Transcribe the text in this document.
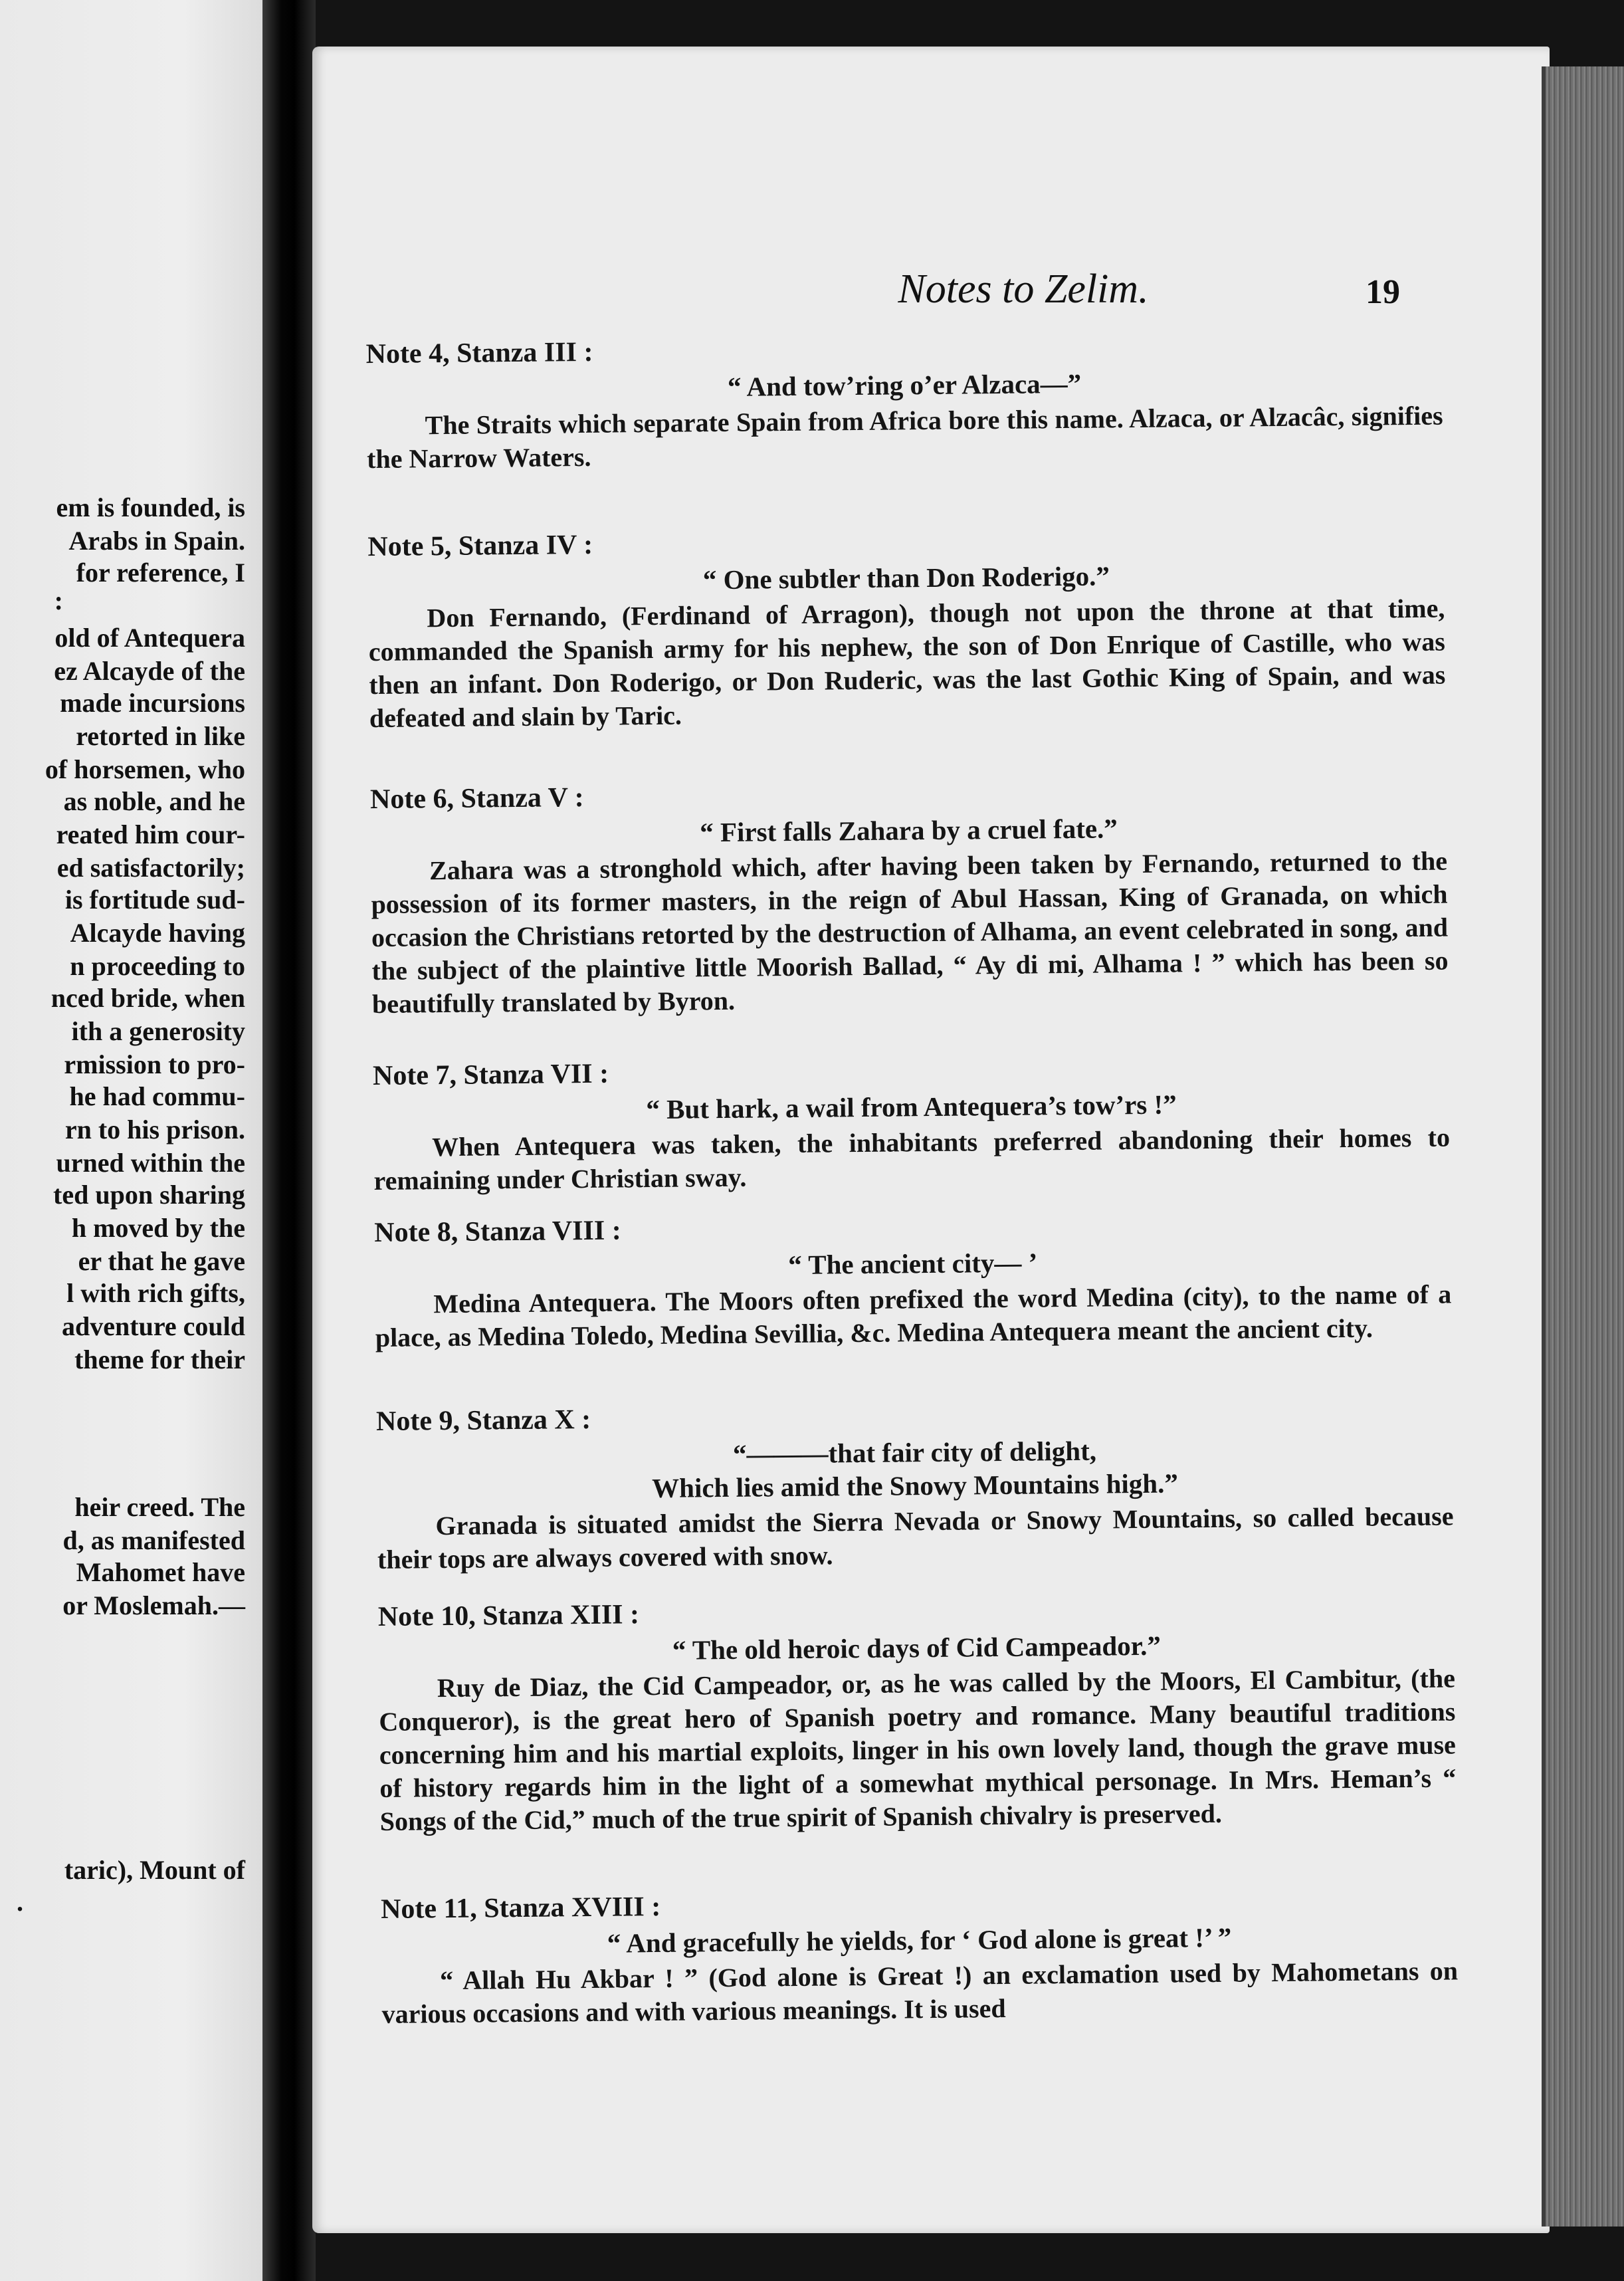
em is founded, is
Arabs in Spain.
for reference, I
:
old of Antequera
ez Alcayde of the
made incursions
retorted in like
of horsemen, who
as noble, and he
reated him cour-
ed satisfactorily;
is fortitude sud-
Alcayde having
n proceeding to
nced bride, when
ith a generosity
rmission to pro-
he had commu-
rn to his prison.
urned within the
ted upon sharing
h moved by the
er that he gave
l with rich gifts,
adventure could
theme for their
heir creed. The
d, as manifested
Mahomet have
or Moslemah.—
taric), Mount of
.
Notes to Zelim.	19
Note 4, Stanza III :
“ And tow’ring o’er Alzaca—”
The Straits which separate Spain from Africa bore this name. Alzaca, or Alzacâc, signifies the Narrow Waters.
Note 5, Stanza IV :
“ One subtler than Don Roderigo.”
Don Fernando, (Ferdinand of Arragon), though not upon the throne at that time, commanded the Spanish army for his nephew, the son of Don Enrique of Castille, who was then an infant. Don Roderigo, or Don Ruderic, was the last Gothic King of Spain, and was defeated and slain by Taric.
Note 6, Stanza V :
“ First falls Zahara by a cruel fate.”
Zahara was a stronghold which, after having been taken by Fernando, returned to the possession of its former masters, in the reign of Abul Hassan, King of Granada, on which occasion the Christians retorted by the destruction of Alhama, an event celebrated in song, and the subject of the plaintive little Moorish Ballad, “ Ay di mi, Alhama ! ” which has been so beautifully translated by Byron.
Note 7, Stanza VII :
“ But hark, a wail from Antequera’s tow’rs !”
When Antequera was taken, the inhabitants preferred abandoning their homes to remaining under Christian sway.
Note 8, Stanza VIII :
“ The ancient city— ’
Medina Antequera. The Moors often prefixed the word Medina (city), to the name of a place, as Medina Toledo, Medina Sevillia, &c. Medina Antequera meant the ancient city.
Note 9, Stanza X :
“———that fair city of delight,
Which lies amid the Snowy Mountains high.”
Granada is situated amidst the Sierra Nevada or Snowy Mountains, so called because their tops are always covered with snow.
Note 10, Stanza XIII :
“ The old heroic days of Cid Campeador.”
Ruy de Diaz, the Cid Campeador, or, as he was called by the Moors, El Cambitur, (the Conqueror), is the great hero of Spanish poetry and romance. Many beautiful traditions concerning him and his martial exploits, linger in his own lovely land, though the grave muse of history regards him in the light of a somewhat mythical personage. In Mrs. Heman’s “ Songs of the Cid,” much of the true spirit of Spanish chivalry is preserved.
Note 11, Stanza XVIII :
“ And gracefully he yields, for ‘ God alone is great !’ ”
“ Allah Hu Akbar ! ” (God alone is Great !) an exclamation used by Mahometans on various occasions and with various meanings. It is used
